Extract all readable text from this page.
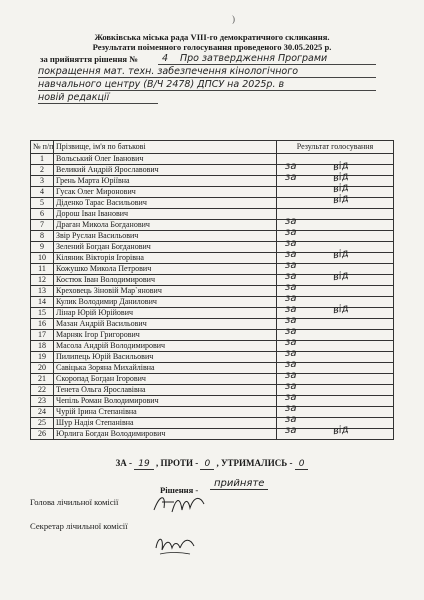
)
Жовківська міська рада VIII-го демократичного скликання.
Результати поіменного голосування проведеного 30.05.2025 р.
за прийняття рішення №	4 Про затвердження Програми
покращення мат. техн. забезпечення кінологічного
навчального центру (В/Ч 2478) ДПСУ на 2025р. в
новій редакції
№ п/п	Прізвище, ім'я по батькові	Результат голосування
1	Вольський Олег Іванович	
2	Великий Андрій Ярославович	за від

3	Грень Марта Юріївна	за від

4	Гусак Олег Миронович	від

5	Діденко Тарас Васильович	від

6	Дорош Іван Іванович	
7	Драган Микола Богданович	за

8	Звір Руслан Васильович	за

9	Зелений Богдан Богданович	за

10	Кіляник Вікторія Ігорівна	за від

11	Кожушко Микола Петрович	за

12	Костюк Іван Володимирович	за від

13	Креховець Зіновій Мар`янович	за

14	Кулик Володимир Данилович	за

15	Лінар Юрій Юрійович	за від

16	Мазан Андрій Васильович	за

17	Марняк Ігор Григорович	за

18	Масола Андрій Володимирович	за

19	Пилипець Юрій Васильович	за

20	Савіцька Зоряна Михайлівна	за

21	Скоропад Богдан Ігорович	за

22	Тенета Ольга Ярославівна	за

23	Чепіль Роман Володимирович	за

24	Чурій Ірина Степанівна	за

25	Шур Надія Степанівна	за

26	Юрлига Богдан Володимирович	за від
ЗА - 19 , ПРОТИ - 0 , УТРИМАЛИСЬ - 0
Рішення -
прийняте
Голова лічильної комісії
Секретар лічильної комісії
